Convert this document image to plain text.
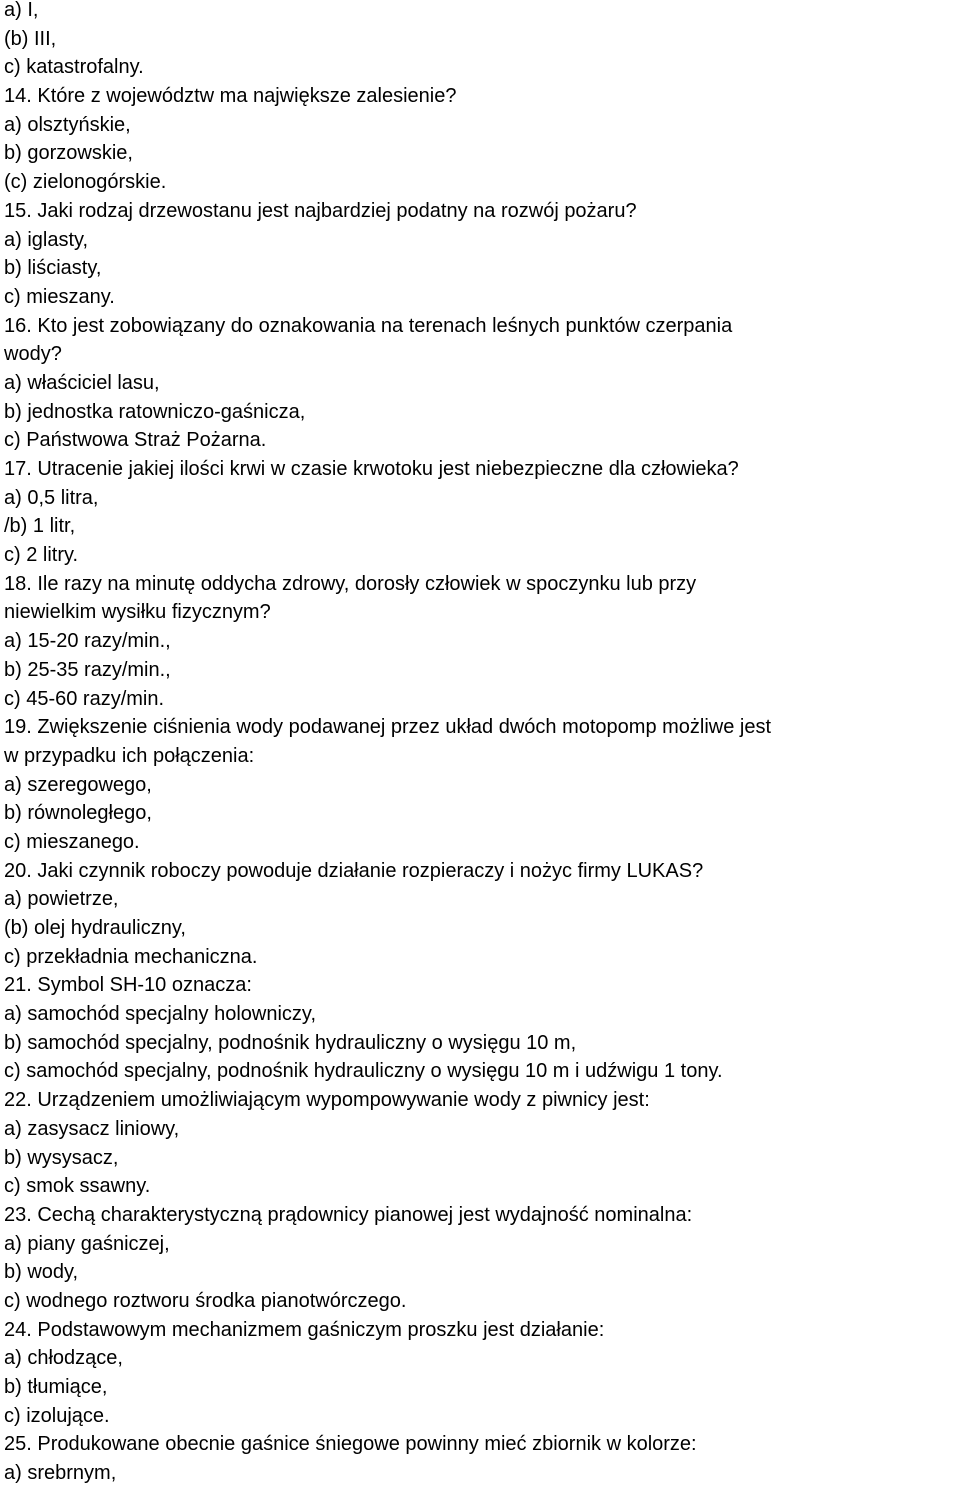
a) I,
(b) III,
c) katastrofalny.
14. Które z województw ma największe zalesienie?
a) olsztyńskie,
b) gorzowskie,
(c) zielonogórskie.
15. Jaki rodzaj drzewostanu jest najbardziej podatny na rozwój pożaru?
a) iglasty,
b) liściasty,
c) mieszany.
16. Kto jest zobowiązany do oznakowania na terenach leśnych punktów czerpania
wody?
a) właściciel lasu,
b) jednostka ratowniczo-gaśnicza,
c) Państwowa Straż Pożarna.
17. Utracenie jakiej ilości krwi w czasie krwotoku jest niebezpieczne dla człowieka?
a) 0,5 litra,
/b) 1 litr,
c) 2 litry.
18. Ile razy na minutę oddycha zdrowy, dorosły człowiek w spoczynku lub przy
niewielkim wysiłku fizycznym?
a) 15-20 razy/min.,
b) 25-35 razy/min.,
c) 45-60 razy/min.
19. Zwiększenie ciśnienia wody podawanej przez układ dwóch motopomp możliwe jest
w przypadku ich połączenia:
a) szeregowego,
b) równoległego,
c) mieszanego.
20. Jaki czynnik roboczy powoduje działanie rozpieraczy i nożyc firmy LUKAS?
a) powietrze,
(b) olej hydrauliczny,
c) przekładnia mechaniczna.
21. Symbol SH-10 oznacza:
a) samochód specjalny holowniczy,
b) samochód specjalny, podnośnik hydrauliczny o wysięgu 10 m,
c) samochód specjalny, podnośnik hydrauliczny o wysięgu 10 m i udźwigu 1 tony.
22. Urządzeniem umożliwiającym wypompowywanie wody z piwnicy jest:
a) zasysacz liniowy,
b) wysysacz,
c) smok ssawny.
23. Cechą charakterystyczną prądownicy pianowej jest wydajność nominalna:
a) piany gaśniczej,
b) wody,
c) wodnego roztworu środka pianotwórczego.
24. Podstawowym mechanizmem gaśniczym proszku jest działanie:
a) chłodzące,
b) tłumiące,
c) izolujące.
25. Produkowane obecnie gaśnice śniegowe powinny mieć zbiornik w kolorze:
a) srebrnym,
